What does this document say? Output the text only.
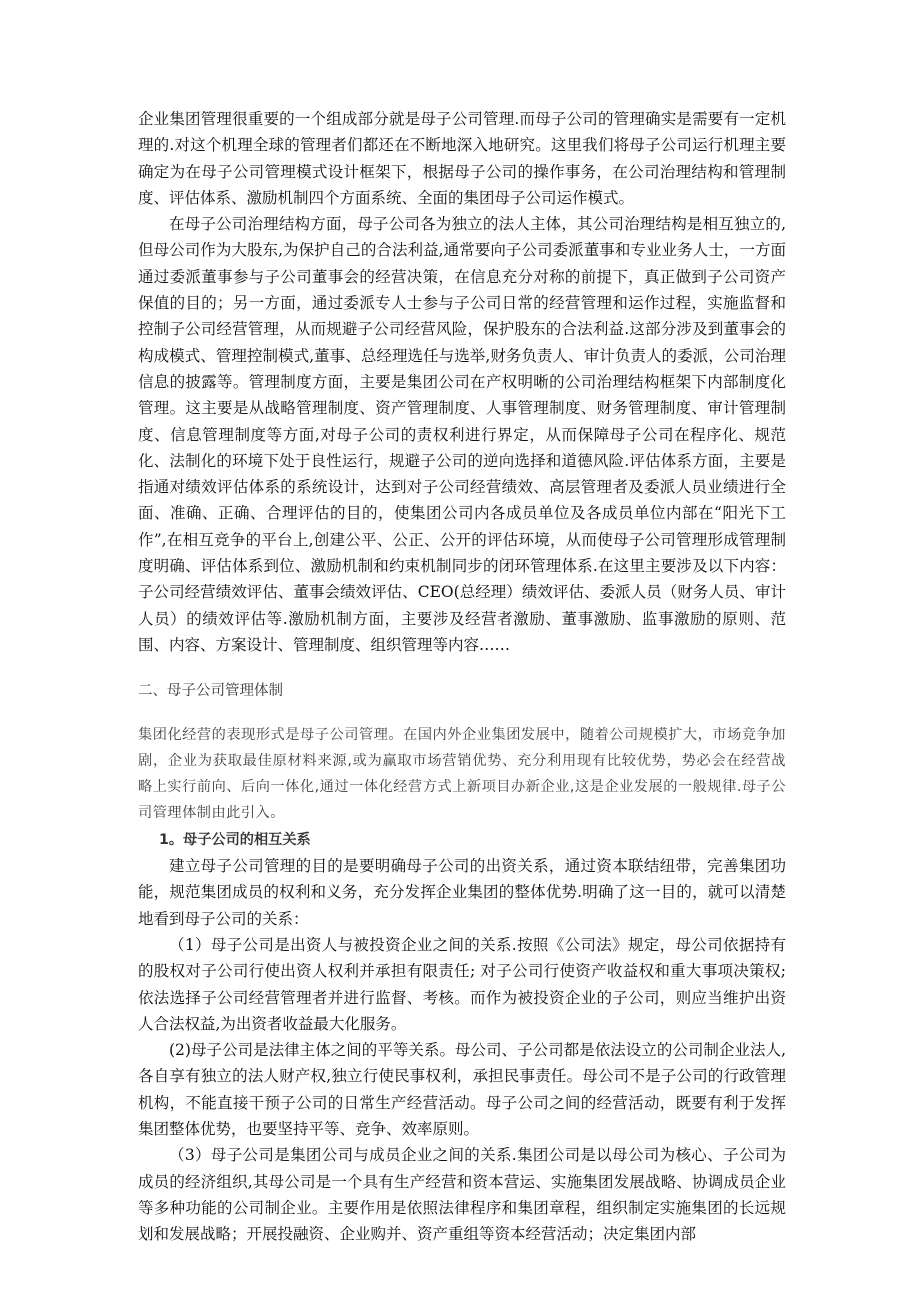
企业集团管理很重要的一个组成部分就是母子公司管理.而母子公司的管理确实是需要有一定机理的.对这个机理全球的管理者们都还在不断地深入地研究。这里我们将母子公司运行机理主要确定为在母子公司管理模式设计框架下，根据母子公司的操作事务，在公司治理结构和管理制度、评估体系、激励机制四个方面系统、全面的集团母子公司运作模式。

在母子公司治理结构方面，母子公司各为独立的法人主体，其公司治理结构是相互独立的,但母公司作为大股东,为保护自己的合法利益,通常要向子公司委派董事和专业业务人士，一方面通过委派董事参与子公司董事会的经营决策，在信息充分对称的前提下，真正做到子公司资产保值的目的；另一方面，通过委派专人士参与子公司日常的经营管理和运作过程，实施监督和控制子公司经营管理，从而规避子公司经营风险，保护股东的合法利益.这部分涉及到董事会的构成模式、管理控制模式,董事、总经理选任与选举,财务负责人、审计负责人的委派，公司治理信息的披露等。管理制度方面，主要是集团公司在产权明晰的公司治理结构框架下内部制度化管理。这主要是从战略管理制度、资产管理制度、人事管理制度、财务管理制度、审计管理制度、信息管理制度等方面,对母子公司的责权利进行界定，从而保障母子公司在程序化、规范化、法制化的环境下处于良性运行，规避子公司的逆向选择和道德风险.评估体系方面，主要是指通对绩效评估体系的系统设计，达到对子公司经营绩效、高层管理者及委派人员业绩进行全面、准确、正确、合理评估的目的，使集团公司内各成员单位及各成员单位内部在“阳光下工作”,在相互竞争的平台上,创建公平、公正、公开的评估环境，从而使母子公司管理形成管理制度明确、评估体系到位、激励机制和约束机制同步的闭环管理体系.在这里主要涉及以下内容：子公司经营绩效评估、董事会绩效评估、CEO(总经理）绩效评估、委派人员（财务人员、审计人员）的绩效评估等.激励机制方面，主要涉及经营者激励、董事激励、监事激励的原则、范围、内容、方案设计、管理制度、组织管理等内容……

二、母子公司管理体制

集团化经营的表现形式是母子公司管理。在国内外企业集团发展中，随着公司规模扩大，市场竞争加剧，企业为获取最佳原材料来源,或为赢取市场营销优势、充分利用现有比较优势，势必会在经营战略上实行前向、后向一体化,通过一体化经营方式上新项目办新企业,这是企业发展的一般规律.母子公司管理体制由此引入。

1。母子公司的相互关系

建立母子公司管理的目的是要明确母子公司的出资关系，通过资本联结纽带，完善集团功能，规范集团成员的权利和义务，充分发挥企业集团的整体优势.明确了这一目的，就可以清楚地看到母子公司的关系：

（1）母子公司是出资人与被投资企业之间的关系.按照《公司法》规定，母公司依据持有的股权对子公司行使出资人权利并承担有限责任; 对子公司行使资产收益权和重大事项决策权; 依法选择子公司经营管理者并进行监督、考核。而作为被投资企业的子公司，则应当维护出资人合法权益,为出资者收益最大化服务。

(2)母子公司是法律主体之间的平等关系。母公司、子公司都是依法设立的公司制企业法人,各自享有独立的法人财产权,独立行使民事权利，承担民事责任。母公司不是子公司的行政管理机构，不能直接干预子公司的日常生产经营活动。母子公司之间的经营活动，既要有利于发挥集团整体优势，也要坚持平等、竞争、效率原则。

（3）母子公司是集团公司与成员企业之间的关系.集团公司是以母公司为核心、子公司为成员的经济组织,其母公司是一个具有生产经营和资本营运、实施集团发展战略、协调成员企业等多种功能的公司制企业。主要作用是依照法律程序和集团章程，组织制定实施集团的长远规划和发展战略；开展投融资、企业购并、资产重组等资本经营活动；决定集团内部
